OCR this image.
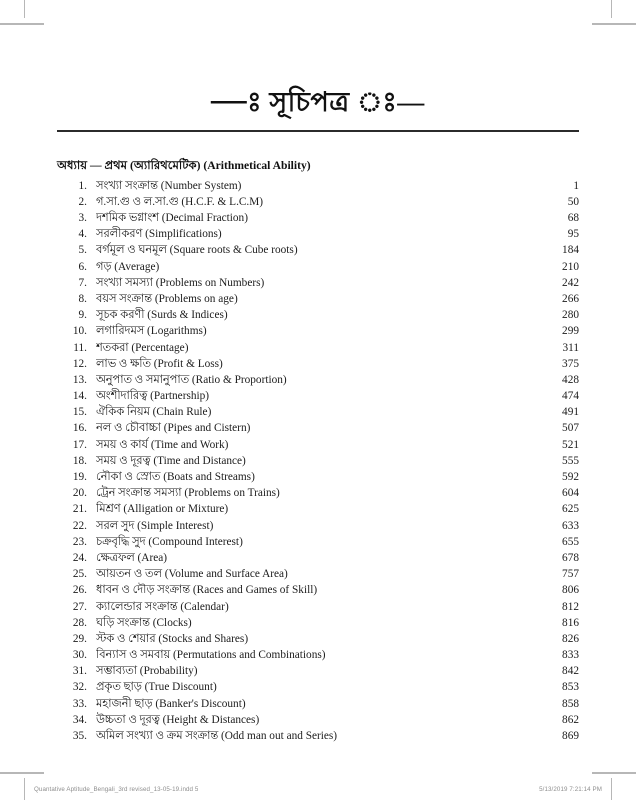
—ঃ সূচিপত্র ঃ—
অধ্যায় — প্রথম (অ্যারিথমেটিক) (Arithmetical Ability)
1. সংখ্যা সংক্রান্ত (Number System)	1
2. গ.সা.গু ও ল.সা.গু (H.C.F. & L.C.M)	50
3. দশমিক ভগ্নাংশ (Decimal Fraction)	68
4. সরলীকরণ (Simplifications)	95
5. বর্গমূল ও ঘনমূল (Square roots & Cube roots)	184
6. গড় (Average)	210
7. সংখ্যা সমস্যা (Problems on Numbers)	242
8. বয়স সংক্রান্ত (Problems on age)	266
9. সূচক করণী (Surds & Indices)	280
10. লগারিদমস (Logarithms)	299
11. শতকরা (Percentage)	311
12. লাভ ও ক্ষতি (Profit & Loss)	375
13. অনুপাত ও সমানুপাত (Ratio & Proportion)	428
14. অংশীদারিত্ব (Partnership)	474
15. ঐকিক নিয়ম (Chain Rule)	491
16. নল ও চৌবাচ্চা (Pipes and Cistern)	507
17. সময় ও কার্য (Time and Work)	521
18. সময় ও দূরত্ব (Time and Distance)	555
19. নৌকা ও স্রোত (Boats and Streams)	592
20. ট্রেন সংক্রান্ত সমস্যা (Problems on Trains)	604
21. মিশ্রণ (Alligation or Mixture)	625
22. সরল সুদ (Simple Interest)	633
23. চক্রবৃদ্ধি সুদ (Compound Interest)	655
24. ক্ষেত্রফল (Area)	678
25. আয়তন ও তল (Volume and Surface Area)	757
26. ধাবন ও দৌড় সংক্রান্ত (Races and Games of Skill)	806
27. ক্যালেন্ডার সংক্রান্ত (Calendar)	812
28. ঘড়ি সংক্রান্ত (Clocks)	816
29. স্টক ও শেয়ার (Stocks and Shares)	826
30. বিন্যাস ও সমবায় (Permutations and Combinations)	833
31. সম্ভাব্যতা (Probability)	842
32. প্রকৃত ছাড় (True Discount)	853
33. মহাজনী ছাড় (Banker's Discount)	858
34. উচ্চতা ও দূরত্ব (Height & Distances)	862
35. অমিল সংখ্যা ও ক্রম সংক্রান্ত (Odd man out and Series)	869
Quantative Aptitude_Bengali_3rd revised_13-05-19.indd 5	5/13/2019 7:21:14 PM
